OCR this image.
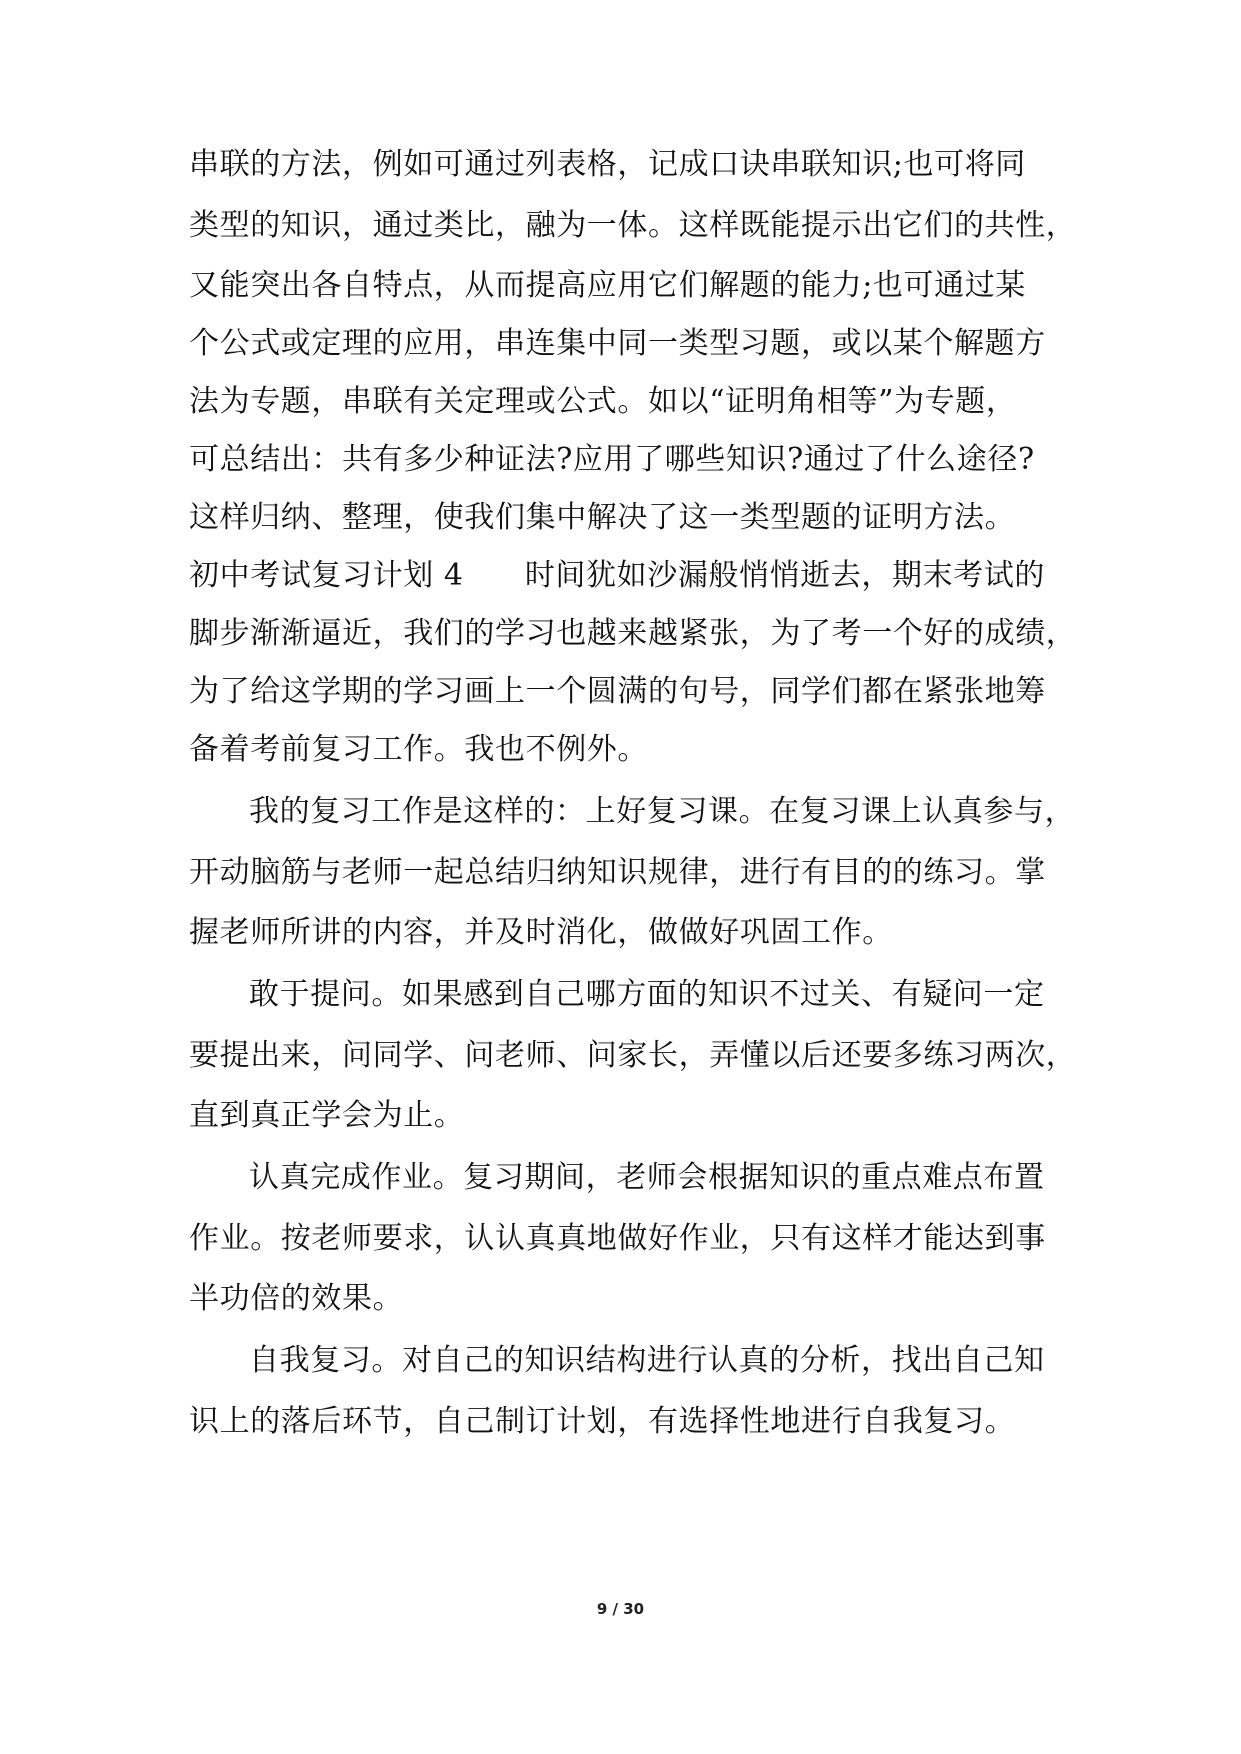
串联的方法，例如可通过列表格，记成口诀串联知识;也可将同
类型的知识，通过类比，融为一体。这样既能提示出它们的共性，
又能突出各自特点，从而提高应用它们解题的能力;也可通过某
个公式或定理的应用，串连集中同一类型习题，或以某个解题方
法为专题，串联有关定理或公式。如以“证明角相等”为专题，
可总结出：共有多少种证法?应用了哪些知识?通过了什么途径?
这样归纳、整理，使我们集中解决了这一类型题的证明方法。
初中考试复习计划 4　　时间犹如沙漏般悄悄逝去，期末考试的
脚步渐渐逼近，我们的学习也越来越紧张，为了考一个好的成绩，
为了给这学期的学习画上一个圆满的句号，同学们都在紧张地筹
备着考前复习工作。我也不例外。
我的复习工作是这样的：上好复习课。在复习课上认真参与，
开动脑筋与老师一起总结归纳知识规律，进行有目的的练习。掌
握老师所讲的内容，并及时消化，做做好巩固工作。
敢于提问。如果感到自己哪方面的知识不过关、有疑问一定
要提出来，问同学、问老师、问家长，弄懂以后还要多练习两次，
直到真正学会为止。
认真完成作业。复习期间，老师会根据知识的重点难点布置
作业。按老师要求，认认真真地做好作业，只有这样才能达到事
半功倍的效果。
自我复习。对自己的知识结构进行认真的分析，找出自己知
识上的落后环节，自己制订计划，有选择性地进行自我复习。
9 / 30
